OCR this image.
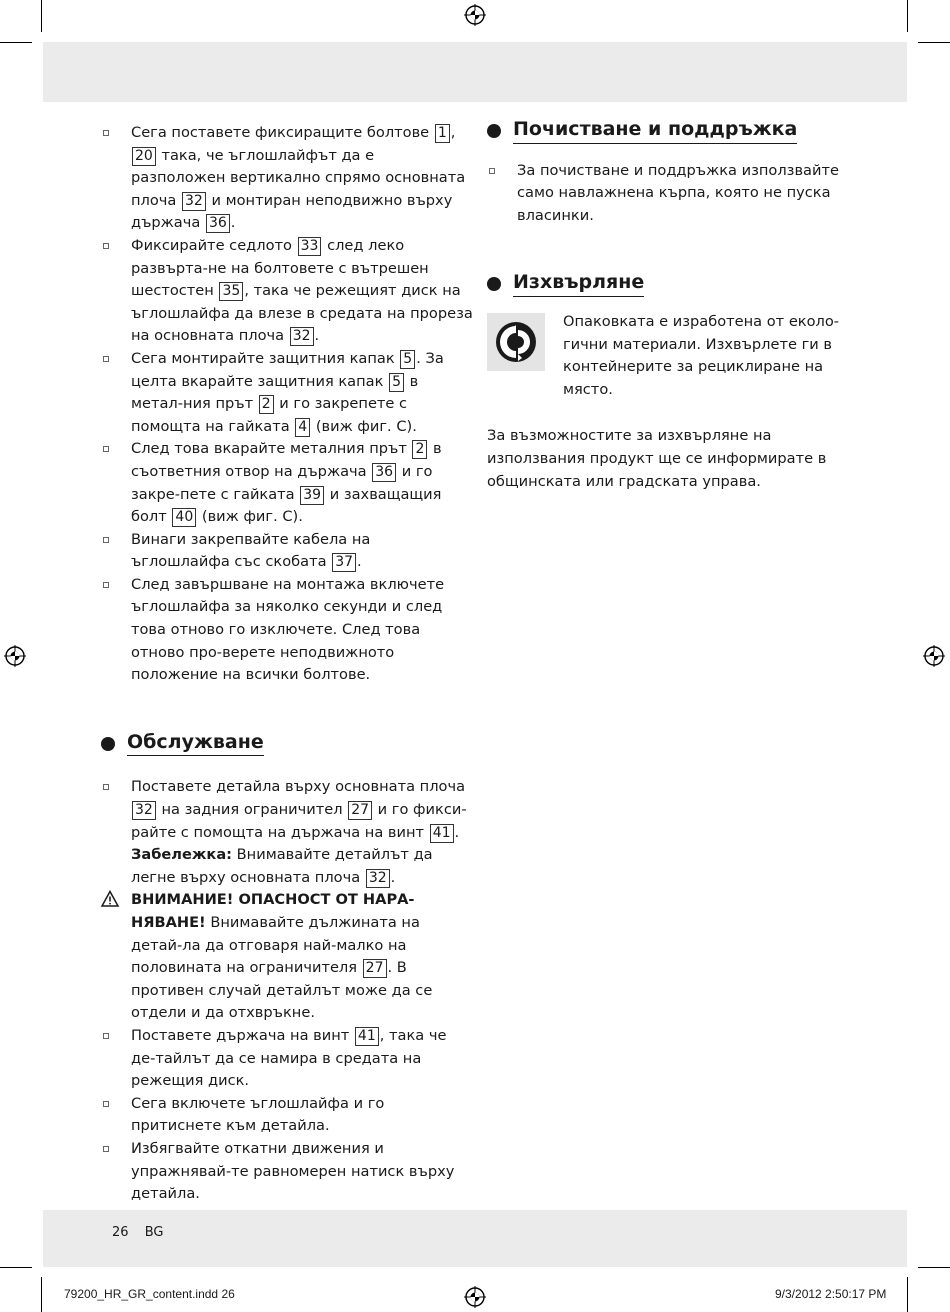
Сега поставете фиксиращите болтове 1 , 20 така, че ъглошлайфът да е разположен вертикално спрямо основната плоча 32 и монтиран неподвижно върху държача 36 .
Фиксирайте седлото 33 след леко развърта-не на болтовете с вътрешен шестостен 35 , така че режещият диск на ъглошлайфа да влезе в средата на прореза на основната плоча 32 .
Сега монтирайте защитния капак 5 . За целта вкарайте защитния капак 5 в метал-ния прът 2 и го закрепете с помощта на гайката 4 (виж фиг. C).
След това вкарайте металния прът 2 в съответния отвор на държача 36 и го закре-пете с гайката 39 и захващащия болт 40 (виж фиг. C).
Винаги закрепвайте кабела на ъглошлайфа със скобата 37 .
След завършване на монтажа включете ъглошлайфа за няколко секунди и след това отново го изключете. След това отново про-верете неподвижното положение на всички болтове.
Обслужване
Поставете детайла върху основната плоча 32 на задния ограничител 27 и го фикси-райте с помощта на държача на винт 41 . Забележка: Внимавайте детайлът да легне върху основната плоча 32 .
ВНИМАНИЕ! ОПАСНОСТ ОТ НАРА-НЯВАНЕ! Внимавайте дължината на детай-ла да отговаря най-малко на половината на ограничителя 27 . В противен случай детайлът може да се отдели и да отхвръкне.
Поставете държача на винт 41 , така че де-тайлът да се намира в средата на режещия диск.
Сега включете ъглошлайфа и го притиснете към детайла.
Избягвайте откатни движения и упражнявай-те равномерен натиск върху детайла.
Почистване и поддръжка
За почистване и поддръжка използвайте само навлажнена кърпа, която не пуска власинки.
Изхвърляне
Опаковката е изработена от еколо-гични материали. Изхвърлете ги в контейнерите за рециклиране на място.

За възможностите за изхвърляне на използвания продукт ще се информирате в общинската или градската управа.

26 BG
79200_HR_GR_content.indd 26	9/3/2012 2:50:17 PM
